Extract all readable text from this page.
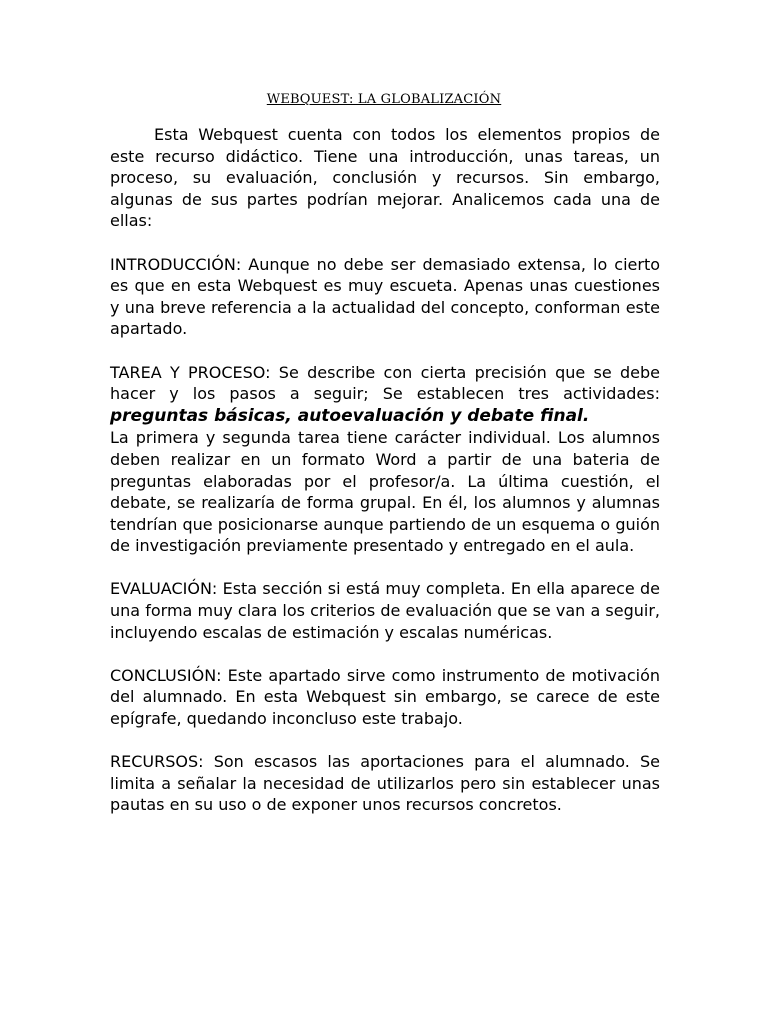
WEBQUEST: LA GLOBALIZACIÓN

Esta Webquest cuenta con todos los elementos propios de este recurso didáctico. Tiene una introducción, unas tareas, un proceso, su evaluación, conclusión y recursos. Sin embargo, algunas de sus partes podrían mejorar. Analicemos cada una de ellas:

INTRODUCCIÓN: Aunque no debe ser demasiado extensa, lo cierto es que en esta Webquest es muy escueta. Apenas unas cuestiones y una breve referencia a la actualidad del concepto, conforman este apartado.

TAREA Y PROCESO: Se describe con cierta precisión que se debe hacer y los pasos a seguir; Se establecen tres actividades: preguntas básicas, autoevaluación y debate final.

La primera y segunda tarea tiene carácter individual. Los alumnos deben realizar en un formato Word a partir de una bateria de preguntas elaboradas por el profesor/a. La última cuestión, el debate, se realizaría de forma grupal. En él, los alumnos y alumnas tendrían que posicionarse aunque partiendo de un esquema o guión de investigación previamente presentado y entregado en el aula.

EVALUACIÓN: Esta sección si está muy completa. En ella aparece de una forma muy clara los criterios de evaluación que se van a seguir, incluyendo escalas de estimación y escalas numéricas.

CONCLUSIÓN: Este apartado sirve como instrumento de motivación del alumnado. En esta Webquest sin embargo, se carece de este epígrafe, quedando inconcluso este trabajo.

RECURSOS: Son escasos las aportaciones para el alumnado. Se limita a señalar la necesidad de utilizarlos pero sin establecer unas pautas en su uso o de exponer unos recursos concretos.
